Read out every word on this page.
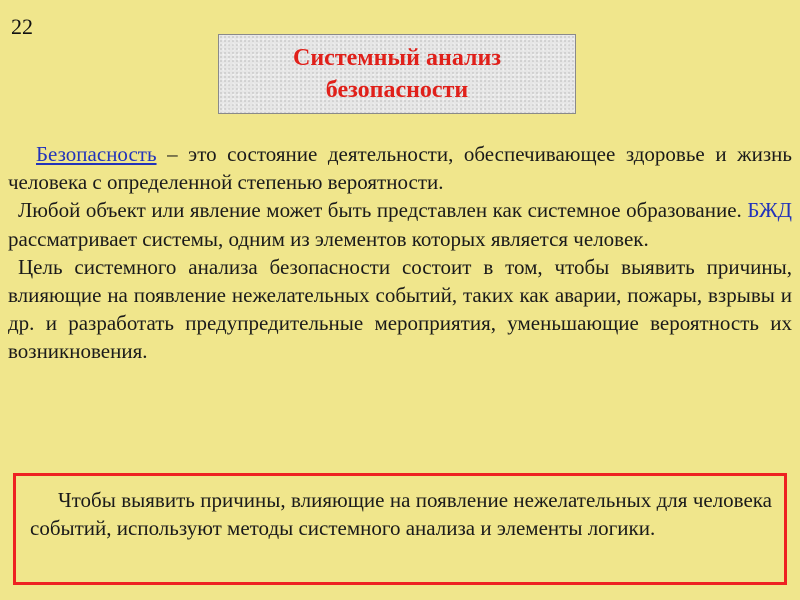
22
Системный анализ
безопасности

Безопасность – это состояние деятельности, обеспечивающее здоровье и жизнь человека с определенной степенью вероятности.

Любой объект или явление может быть представлен как системное образование. БЖД рассматривает системы, одним из элементов которых является человек.

Цель системного анализа безопасности состоит в том, чтобы выявить причины, влияющие на появление нежелательных событий, таких как аварии, пожары, взрывы и др. и разработать предупредительные мероприятия, уменьшающие вероятность их возникновения.

Чтобы выявить причины, влияющие на появление нежелательных для человека событий, используют методы системного анализа и элементы логики.
